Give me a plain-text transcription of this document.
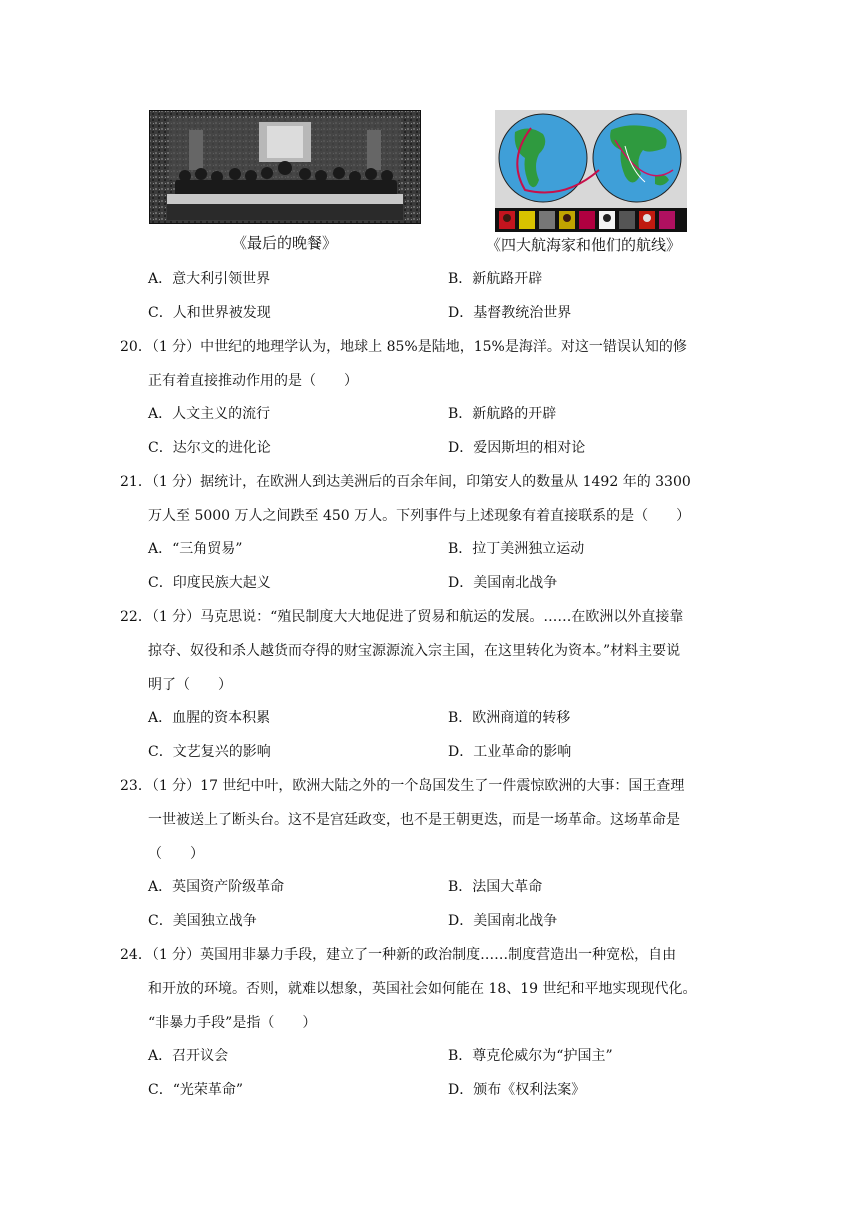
《最后的晚餐》	《四大航海家和他们的航线》
A．意大利引领世界	B．新航路开辟
C．人和世界被发现	D．基督教统治世界
20．（1 分）中世纪的地理学认为，地球上 85%是陆地，15%是海洋。对这一错误认知的修
正有着直接推动作用的是（　　）
A．人文主义的流行	B．新航路的开辟
C．达尔文的进化论	D．爱因斯坦的相对论
21．（1 分）据统计，在欧洲人到达美洲后的百余年间，印第安人的数量从 1492 年的 3300
万人至 5000 万人之间跌至 450 万人。下列事件与上述现象有着直接联系的是（　　）
A．“三角贸易”	B．拉丁美洲独立运动
C．印度民族大起义	D．美国南北战争
22．（1 分）马克思说：“殖民制度大大地促进了贸易和航运的发展。……在欧洲以外直接靠
掠夺、奴役和杀人越货而夺得的财宝源源流入宗主国，在这里转化为资本。”材料主要说
明了（　　）
A．血腥的资本积累	B．欧洲商道的转移
C．文艺复兴的影响	D．工业革命的影响
23．（1 分）17 世纪中叶，欧洲大陆之外的一个岛国发生了一件震惊欧洲的大事：国王查理
一世被送上了断头台。这不是宫廷政变，也不是王朝更迭，而是一场革命。这场革命是
（　　）
A．英国资产阶级革命	B．法国大革命
C．美国独立战争	D．美国南北战争
24．（1 分）英国用非暴力手段，建立了一种新的政治制度……制度营造出一种宽松，自由
和开放的环境。否则，就难以想象，英国社会如何能在 18、19 世纪和平地实现现代化。
“非暴力手段”是指（　　）
A．召开议会	B．尊克伦威尔为“护国主”
C．“光荣革命”	D．颁布《权利法案》
